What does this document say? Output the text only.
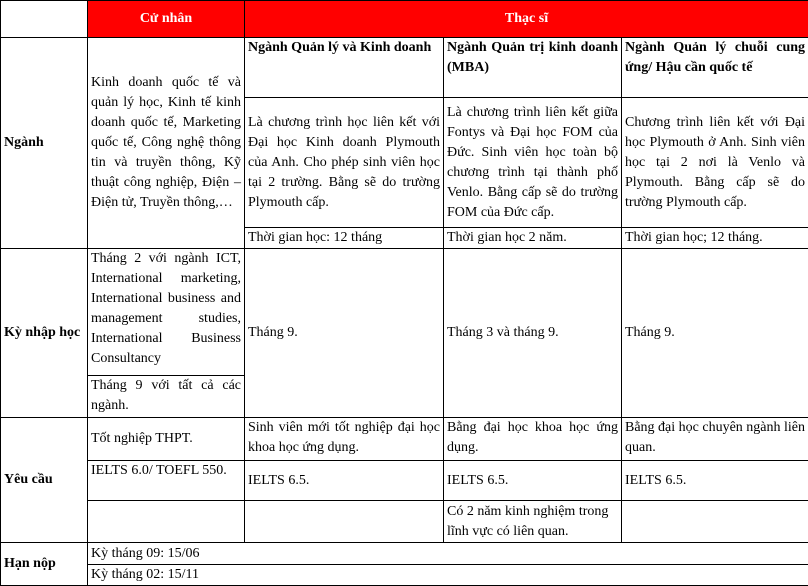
	Cử nhân	Thạc sĩ		
Ngành	Kinh doanh quốc tế và quản lý học, Kinh tế kinh doanh quốc tế, Marketing quốc tế, Công nghệ thông tin và truyền thông, Kỹ thuật công nghiệp, Điện – Điện tử, Truyền thông,…	Ngành Quản lý và Kinh doanh	Ngành Quản trị kinh doanh (MBA)	Ngành Quản lý chuỗi cung ứng/ Hậu cần quốc tế
		Là chương trình học liên kết với Đại học Kinh doanh Plymouth của Anh. Cho phép sinh viên học tại 2 trường. Bằng sẽ do trường Plymouth cấp.	Là chương trình liên kết giữa Fontys và Đại học FOM của Đức. Sinh viên học toàn bộ chương trình tại thành phố Venlo. Bằng cấp sẽ do trường FOM của Đức cấp.	Chương trình liên kết với Đại học Plymouth ở Anh. Sinh viên học tại 2 nơi là Venlo và Plymouth. Bằng cấp sẽ do trường Plymouth cấp.
		Thời gian học: 12 tháng	Thời gian học 2 năm.	Thời gian học; 12 tháng.
Kỳ nhập học	Tháng 2 với ngành ICT, International marketing, International business and management studies, International Business Consultancy	Tháng 9.	Tháng 3 và tháng 9.	Tháng 9.
	Tháng 9 với tất cả các ngành.			
Yêu cầu	Tốt nghiệp THPT.	Sinh viên mới tốt nghiệp đại học khoa học ứng dụng.	Bằng đại học khoa học ứng dụng.	Bằng đại học chuyên ngành liên quan.
	IELTS 6.0/ TOEFL 550.	IELTS 6.5.	IELTS 6.5.	IELTS 6.5.
			Có 2 năm kinh nghiệm trong lĩnh vực có liên quan.	
Hạn nộp	Kỳ tháng 09: 15/06			
	Kỳ tháng 02: 15/11			
